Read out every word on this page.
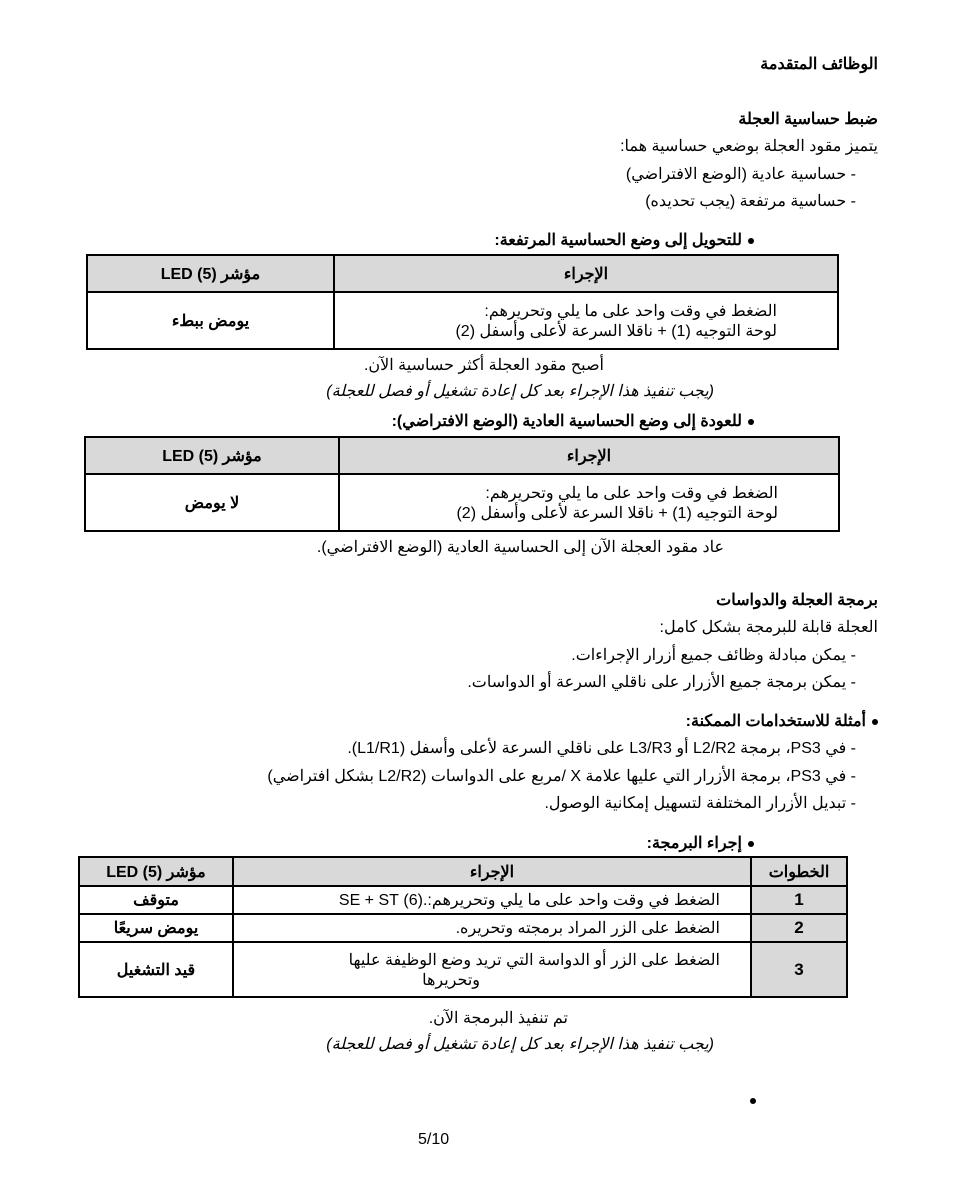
الوظائف المتقدمة
ضبط حساسية العجلة
يتميز مقود العجلة بوضعي حساسية هما:
- حساسية عادية (الوضع الافتراضي)
- حساسية مرتفعة (يجب تحديده)
للتحويل إلى وضع الحساسية المرتفعة:
الإجراء	مؤشر LED (5)

الضغط في وقت واحد على ما يلي وتحريرهم:
لوحة التوجيه (1) + ناقلا السرعة لأعلى وأسفل (2)	يومض ببطء
أصبح مقود العجلة أكثر حساسية الآن.
(يجب تنفيذ هذا الإجراء بعد كل إعادة تشغيل أو فصل للعجلة)
للعودة إلى وضع الحساسية العادية (الوضع الافتراضي):
الإجراء	مؤشر LED (5)

الضغط في وقت واحد على ما يلي وتحريرهم:
لوحة التوجيه (1) + ناقلا السرعة لأعلى وأسفل (2)	لا يومض
عاد مقود العجلة الآن إلى الحساسية العادية (الوضع الافتراضي).
برمجة العجلة والدواسات
العجلة قابلة للبرمجة بشكل كامل:
- يمكن مبادلة وظائف جميع أزرار الإجراءات.
- يمكن برمجة جميع الأزرار على ناقلي السرعة أو الدواسات.
أمثلة للاستخدامات الممكنة:
- في PS3، برمجة L2/R2 أو L3/R3 على ناقلي السرعة لأعلى وأسفل (L1/R1).
- في PS3، برمجة الأزرار التي عليها علامة X /مربع على الدواسات (L2/R2 بشكل افتراضي)
- تبديل الأزرار المختلفة لتسهيل إمكانية الوصول.
إجراء البرمجة:
الخطوات	الإجراء	مؤشر LED (5)
1	الضغط في وقت واحد على ما يلي وتحريرهم:.(6) SE + ST	متوقف
2	الضغط على الزر المراد برمجته وتحريره.	يومض سريعًا
3	الضغط على الزر أو الدواسة التي تريد وضع الوظيفة عليها
وتحريرها	قيد التشغيل
تم تنفيذ البرمجة الآن.
(يجب تنفيذ هذا الإجراء بعد كل إعادة تشغيل أو فصل للعجلة)
5/10
